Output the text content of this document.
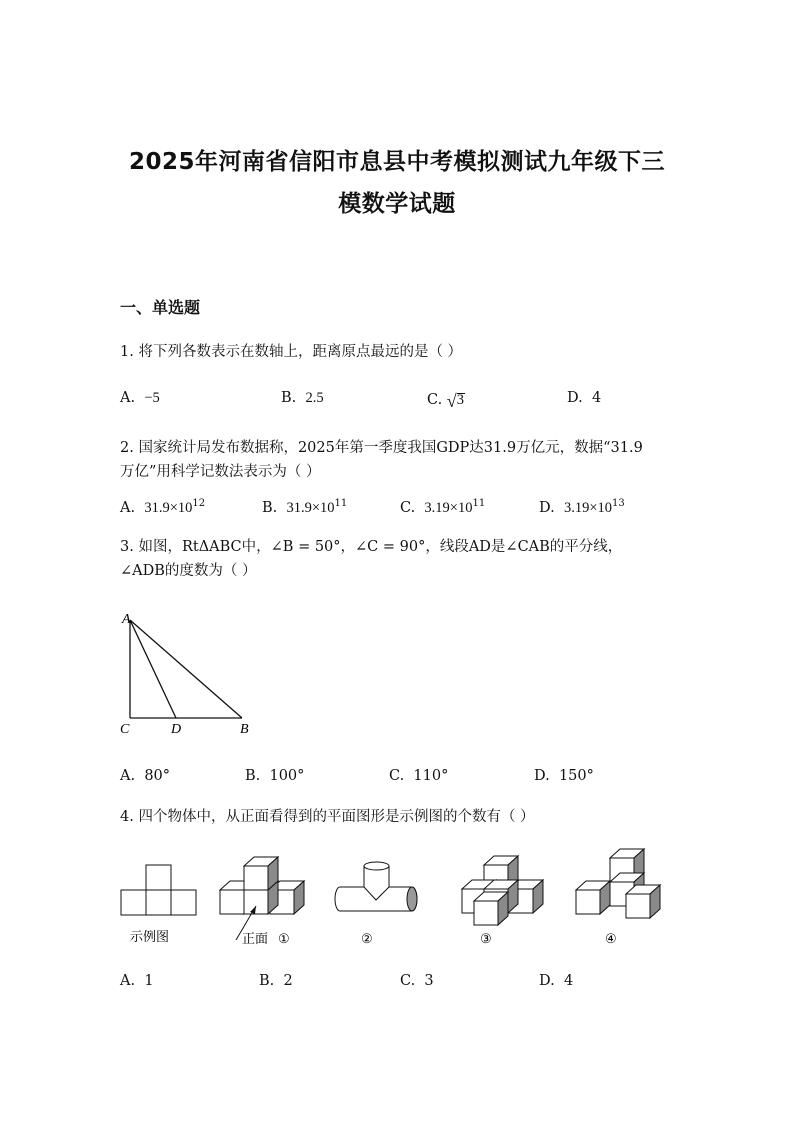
2025年河南省信阳市息县中考模拟测试九年级下三
模数学试题
一、单选题
1. 将下列各数表示在数轴上，距离原点最远的是（ ）
A. −5	B. 2.5	C. √ 3	D. 4
2. 国家统计局发布数据称，2025年第一季度我国GDP达31.9万亿元，数据“31.9
万亿”用科学记数法表示为（ ）
A. $31.9\times 10^{12}$	B. $31.9\times 10^{11}$	C. $3.19\times 10^{11}$	D. $3.19\times 10^{13}$
3. 如图，RtΔABC中，∠B = 50°，∠C = 90°，线段AD是∠CAB的平分线，
∠ADB的度数为（ ）
A
C	D	B
A. 80°	B. 100°	C. 110°	D. 150°
4. 四个物体中，从正面看得到的平面图形是示例图的个数有（ ）
示例图	正面 ①	②	③	④
A. 1	B. 2	C. 3	D. 4
